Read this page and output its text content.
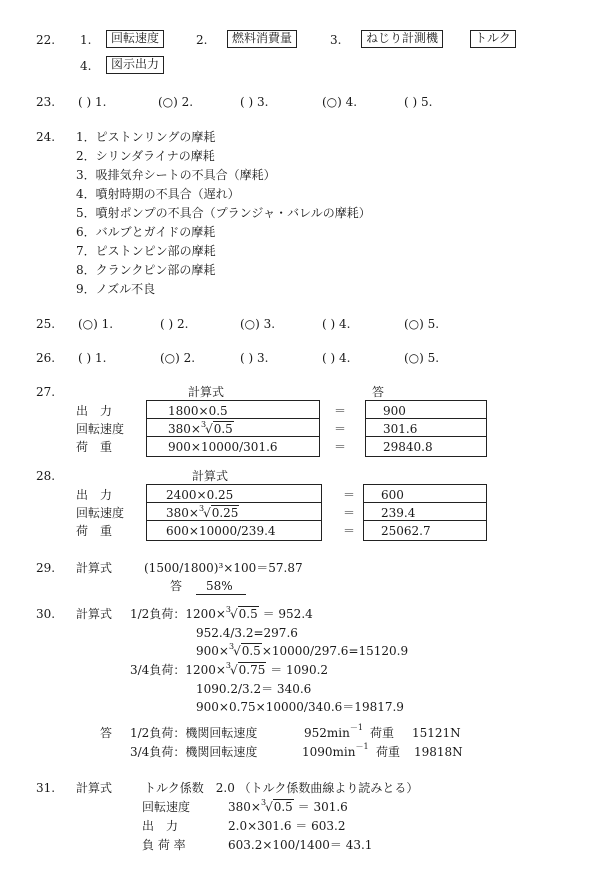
22. 1.	回転速度	2.	燃料消費量	3.	ねじり計測機	トルク
4.	図示出力
23. ( ) 1.	(○) 2.	( ) 3.	(○) 4.	( ) 5.
24. 1．ピストンリングの摩耗
2．シリンダライナの摩耗
3．吸排気弁シートの不具合（摩耗）
4．噴射時期の不具合（遅れ）
5．噴射ポンプの不具合（プランジャ・バレルの摩耗）
6．バルブとガイドの摩耗
7．ピストンピン部の摩耗
8．クランクピン部の摩耗
9．ノズル不良
25. (○) 1.	( ) 2.	(○) 3.	( ) 4.	(○) 5.
26. ( ) 1.	(○) 2.	( ) 3.	( ) 4.	(○) 5.
27.	計算式	答
出　力	1800×0.5	＝	900
回転速度	380×$^3$√0.5	＝	301.6
荷　重	900×10000/301.6	＝	29840.8
28.	計算式
出　力	2400×0.25	＝ 600
回転速度	380×$^3$√0.25	＝ 239.4
荷　重	600×10000/239.4	＝ 25062.7
29. 計算式	(1500/1800)³×100＝57.87
答 58%
30. 計算式 1/2負荷：1200×$^3$√0.5 ＝ 952.4
952.4/3.2=297.6
900×$^3$√0.5×10000/297.6=15120.9
3/4負荷：1200×$^3$√0.75 ＝ 1090.2
1090.2/3.2＝ 340.6
900×0.75×10000/340.6＝19817.9
答 1/2負荷：機関回転速度	$952\min^{-1}$ 荷重 15121N
3/4負荷：機関回転速度	$1090\min^{-1}$ 荷重 19818N
31. 計算式	トルク係数　2.0 （トルク係数曲線より読みとる）
回転速度	380×$^3$√0.5 ＝ 301.6
出　力	2.0×301.6 ＝ 603.2
負 荷 率	603.2×100/1400＝ 43.1
